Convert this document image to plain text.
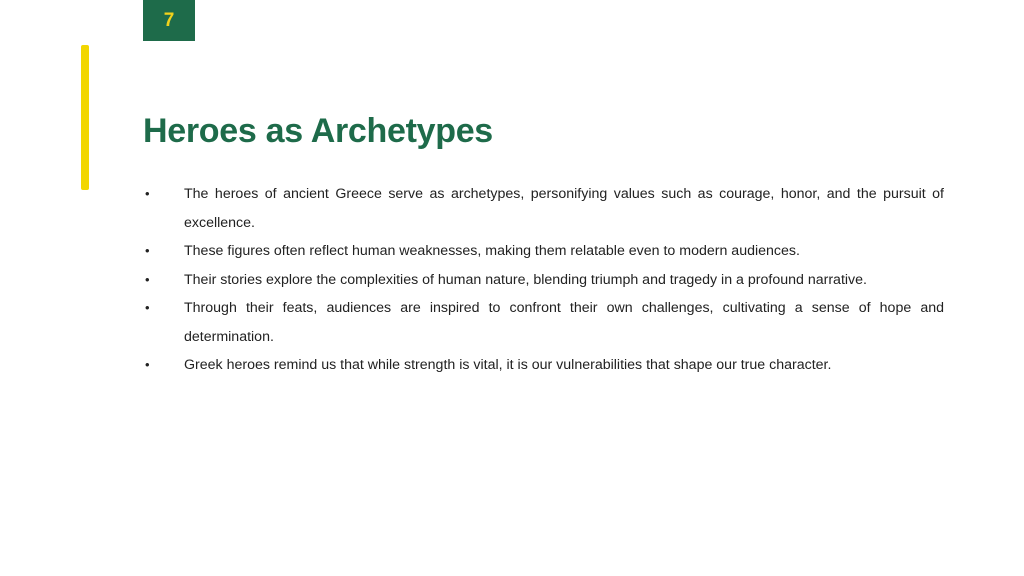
7
Heroes as Archetypes
•	The heroes of ancient Greece serve as archetypes, personifying values such as courage, honor, and the pursuit of excellence.
•	These figures often reflect human weaknesses, making them relatable even to modern audiences.
•	Their stories explore the complexities of human nature, blending triumph and tragedy in a profound narrative.
•	Through their feats, audiences are inspired to confront their own challenges, cultivating a sense of hope and determination.
•	Greek heroes remind us that while strength is vital, it is our vulnerabilities that shape our true character.
